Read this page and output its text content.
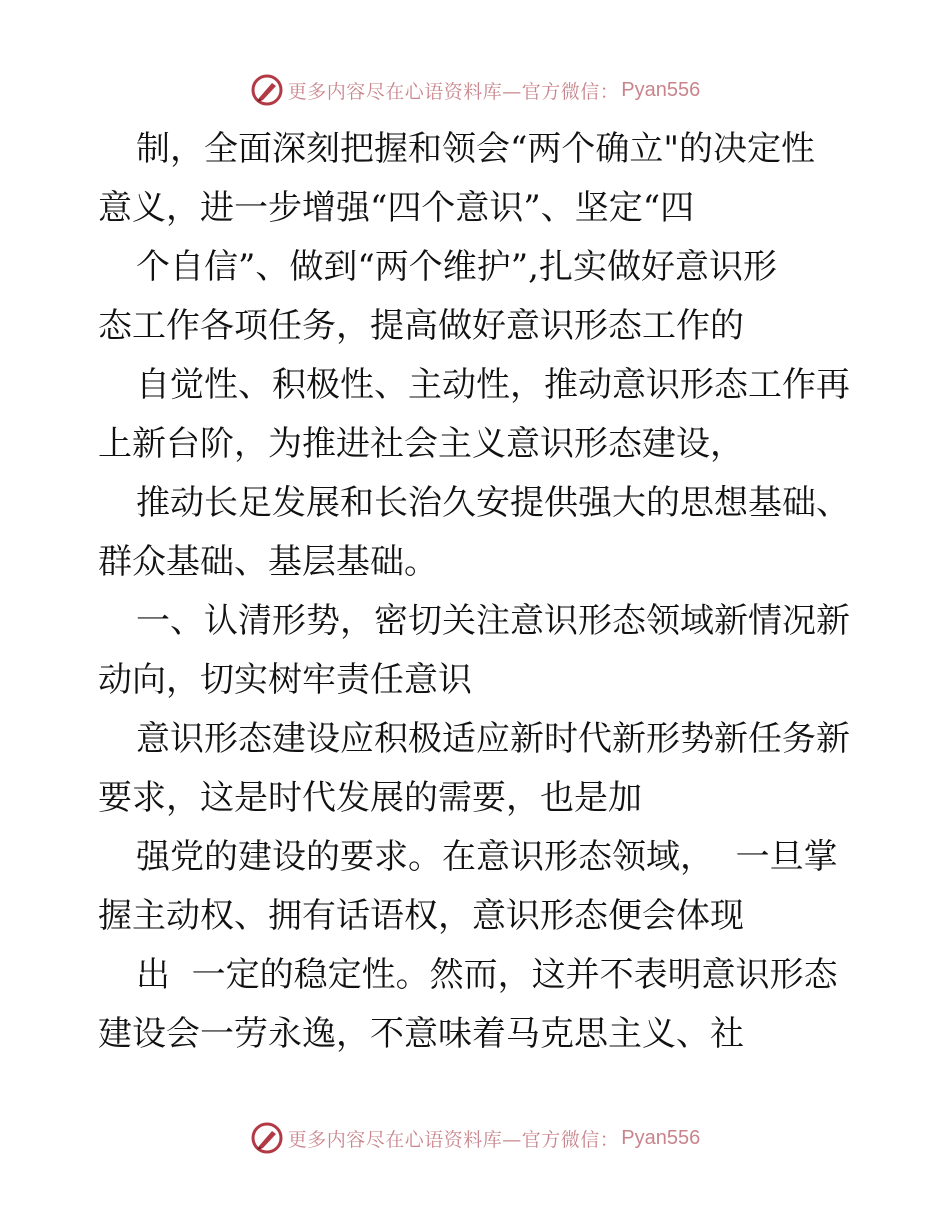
更多内容尽在心语资料库—官方微信： Pyan556
制，全面深刻把握和领会“两个确立"的决定性
意义，进一步增强“四个意识”、坚定“四
个自信”、做到“两个维护”,扎实做好意识形
态工作各项任务，提高做好意识形态工作的
自觉性、积极性、主动性，推动意识形态工作再
上新台阶，为推进社会主义意识形态建设，
推动长足发展和长治久安提供强大的思想基础、
群众基础、基层基础。
一、认清形势，密切关注意识形态领域新情况新
动向，切实树牢责任意识
意识形态建设应积极适应新时代新形势新任务新
要求，这是时代发展的需要，也是加
强党的建设的要求。在意识形态领域，  一旦掌
握主动权、拥有话语权，意识形态便会体现
出  一定的稳定性。然而，这并不表明意识形态
建设会一劳永逸，不意味着马克思主义、社
更多内容尽在心语资料库—官方微信： Pyan556
